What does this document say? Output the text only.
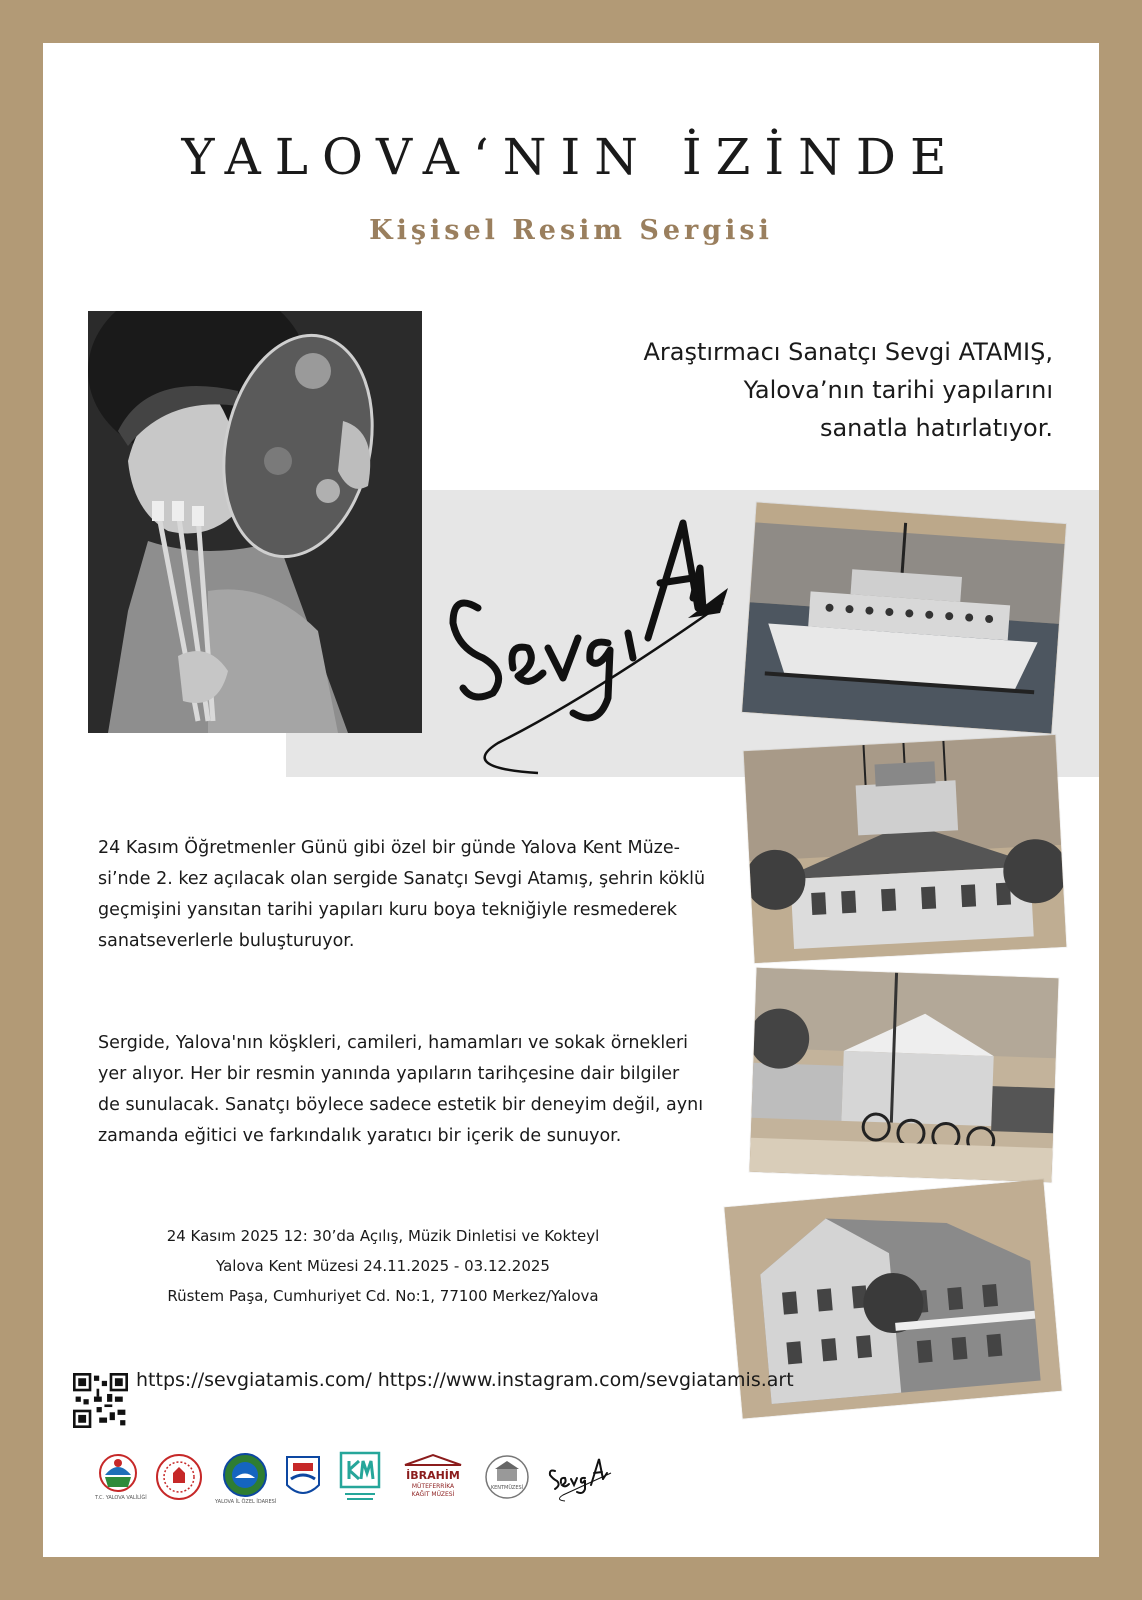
YALOVA‘NIN İZİNDE
Kişisel Resim Sergisi
Araştırmacı Sanatçı Sevgi ATAMIŞ,
Yalova’nın tarihi yapılarını
sanatla hatırlatıyor.

24 Kasım Öğretmenler Günü gibi özel bir günde Yalova Kent Müze-
si’nde 2. kez açılacak olan sergide Sanatçı Sevgi Atamış, şehrin köklü
geçmişini yansıtan tarihi yapıları kuru boya tekniğiyle resmederek
sanatseverlerle buluşturuyor.

Sergide, Yalova'nın köşkleri, camileri, hamamları ve sokak örnekleri
yer alıyor. Her bir resmin yanında yapıların tarihçesine dair bilgiler
de sunulacak. Sanatçı böylece sadece estetik bir deneyim değil, aynı
zamanda eğitici ve farkındalık yaratıcı bir içerik de sunuyor.

24 Kasım 2025 12: 30’da Açılış, Müzik Dinletisi ve Kokteyl
Yalova Kent Müzesi 24.11.2025 - 03.12.2025
Rüstem Paşa, Cumhuriyet Cd. No:1, 77100 Merkez/Yalova
https://sevgiatamis.com/ https://www.instagram.com/sevgiatamis.art
T.C. YALOVA VALİLİĞİ
YALOVA İL ÖZEL İDARESİ
İBRAHİM
MÜTEFERRİKA
KAĞIT MÜZESİ
KENTMÜZESİ
